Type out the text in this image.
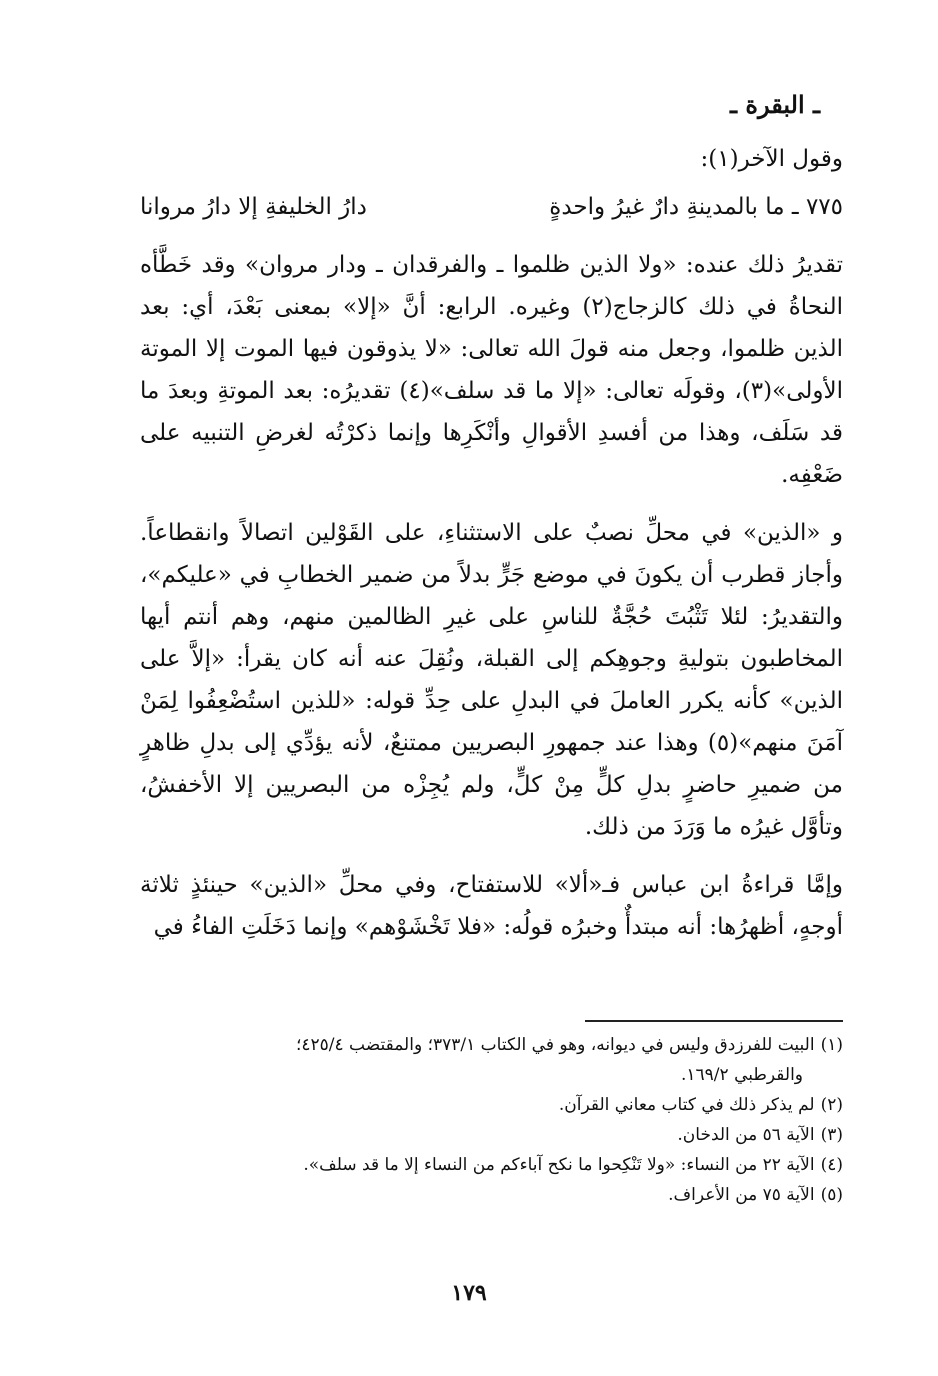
ـ البقرة ـ

وقول الآخر(١):

٧٧٥ ـ ما بالمدينةِ دارٌ غيرُ واحدةٍ
دارُ الخليفةِ إلا دارُ مروانا

تقديرُ ذلك عنده: «ولا الذين ظلموا ـ والفرقدان ـ ودار مروان» وقد خَطَّأه النحاةُ في ذلك كالزجاج(٢) وغيره. الرابع: أنَّ «إلا» بمعنى بَعْدَ، أي: بعد الذين ظلموا، وجعل منه قولَ الله تعالى: «لا يذوقون فيها الموت إلا الموتة الأولى»(٣)، وقولَه تعالى: «إلا ما قد سلف»(٤) تقديرُه: بعد الموتةِ وبعدَ ما قد سَلَف، وهذا من أفسدِ الأقوالِ وأنْكَرِها وإنما ذكرْتُه لغرضِ التنبيه على ضَعْفِه.

و «الذين» في محلِّ نصبٌ على الاستثناءِ، على القَوْلين اتصالاً وانقطاعاً. وأجاز قطرب أن يكونَ في موضع جَرٍّ بدلاً من ضمير الخطابِ في «عليكم»، والتقديرُ: لئلا تَثْبُتَ حُجَّةٌ للناسِ على غيرِ الظالمين منهم، وهم أنتم أيها المخاطبون بتوليةِ وجوهِكم إلى القبلة، ونُقِلَ عنه أنه كان يقرأ: «إلاَّ على الذين» كأنه يكرر العاملَ في البدلِ على حِدِّ قوله: «للذين استُضْعِفُوا لِمَنْ آمَنَ منهم»(٥) وهذا عند جمهورِ البصريين ممتنعٌ، لأنه يؤدِّي إلى بدلِ ظاهرٍ من ضميرِ حاضرٍ بدلِ كلٍّ مِنْ كلٍّ، ولم يُجِزْه من البصريين إلا الأخفشُ، وتأوَّل غيرُه ما وَرَدَ من ذلك.

وإمَّا قراءةُ ابن عباس فـ«ألا» للاستفتاح، وفي محلِّ «الذين» حينئذٍ ثلاثة أوجهٍ، أظهرُها: أنه مبتدأٌ وخبرُه قولُه: «فلا تَخْشَوْهم» وإنما دَخَلَتِ الفاءُ في

(١)البيت للفرزدق وليس في ديوانه، وهو في الكتاب ٣٧٣/١؛ والمقتضب ٤٢٥/٤؛
والقرطبي ١٦٩/٢.

(٢)لم يذكر ذلك في كتاب معاني القرآن.

(٣)الآية ٥٦ من الدخان.

(٤)الآية ٢٢ من النساء: «ولا تَنْكِحوا ما نكح آباءكم من النساء إلا ما قد سلف».

(٥)الآية ٧٥ من الأعراف.

١٧٩
